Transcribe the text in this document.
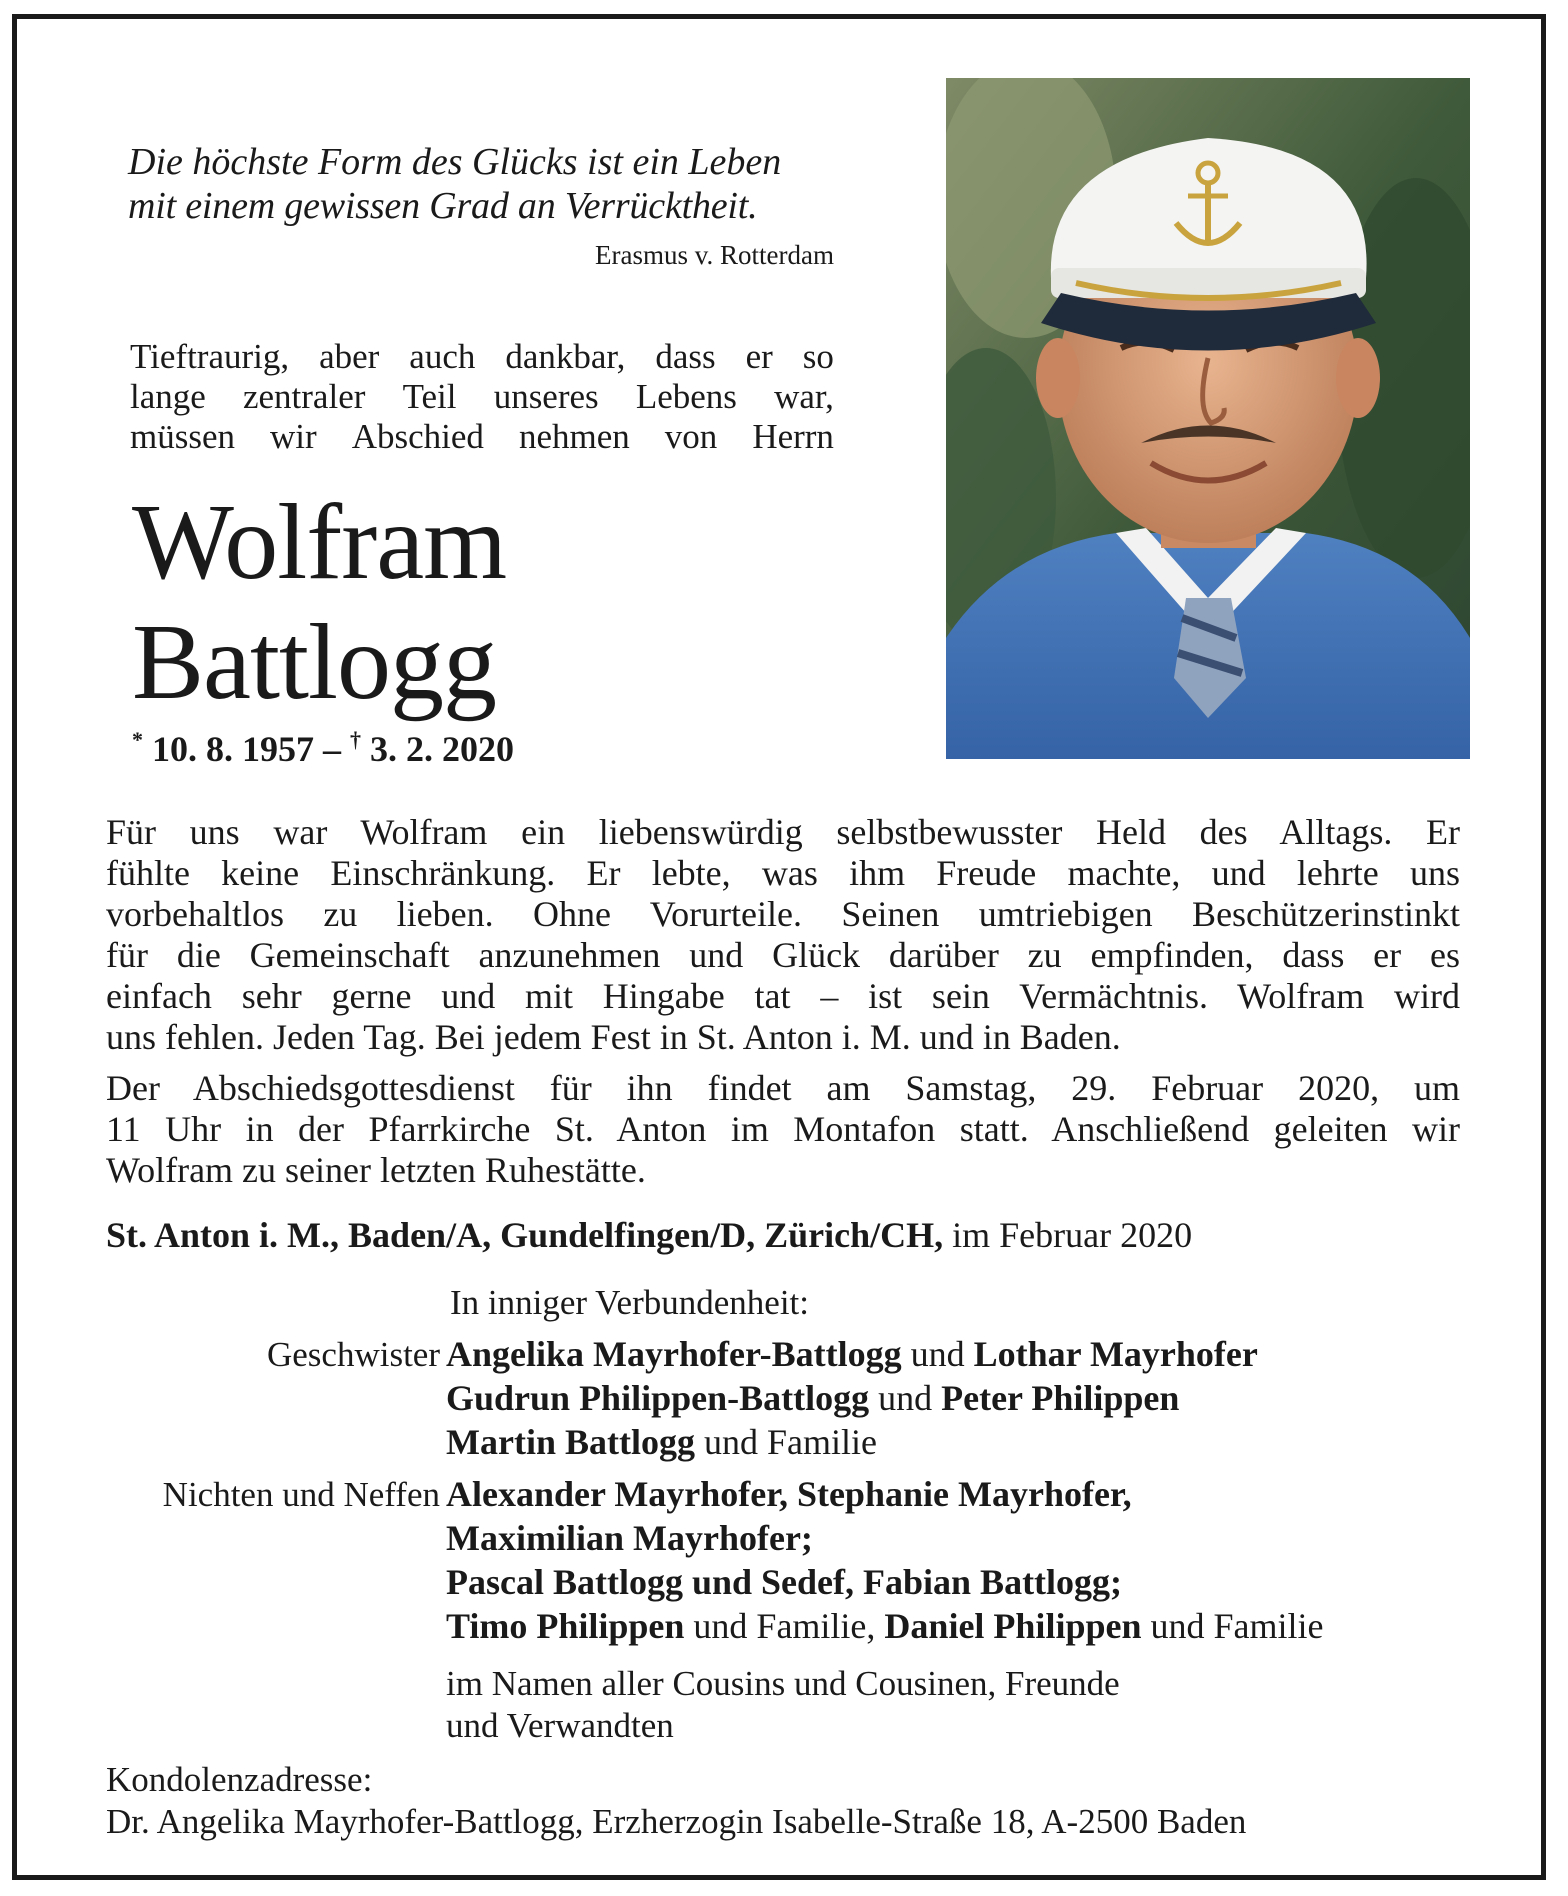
Die höchste Form des Glücks ist ein Leben
mit einem gewissen Grad an Verrücktheit.
Erasmus v. Rotterdam
Tieftraurig, aber auch dankbar, dass er so
lange zentraler Teil unseres Lebens war,
müssen wir Abschied nehmen von Herrn
Wolfram
Battlogg
* 10. 8. 1957 – † 3. 2. 2020
Für uns war Wolfram ein liebenswürdig selbstbewusster Held des Alltags. Er
fühlte keine Einschränkung. Er lebte, was ihm Freude machte, und lehrte uns
vorbehaltlos zu lieben. Ohne Vorurteile. Seinen umtriebigen Beschützerinstinkt
für die Gemeinschaft anzunehmen und Glück darüber zu empfinden, dass er es
einfach sehr gerne und mit Hingabe tat – ist sein Vermächtnis. Wolfram wird
uns fehlen. Jeden Tag. Bei jedem Fest in St. Anton i. M. und in Baden.
Der Abschiedsgottesdienst für ihn findet am Samstag, 29. Februar 2020, um
11 Uhr in der Pfarrkirche St. Anton im Montafon statt. Anschließend geleiten wir
Wolfram zu seiner letzten Ruhestätte.
St. Anton i. M., Baden/A, Gundelfingen/D, Zürich/CH, im Februar 2020
In inniger Verbundenheit:
Geschwister Angelika Mayrhofer-Battlogg und Lothar Mayrhofer
Gudrun Philippen-Battlogg und Peter Philippen
Martin Battlogg und Familie
Nichten und Neffen Alexander Mayrhofer, Stephanie Mayrhofer,
Maximilian Mayrhofer;
Pascal Battlogg und Sedef, Fabian Battlogg;
Timo Philippen und Familie, Daniel Philippen und Familie
im Namen aller Cousins und Cousinen, Freunde
und Verwandten
Kondolenzadresse:
Dr. Angelika Mayrhofer-Battlogg, Erzherzogin Isabelle-Straße 18, A-2500 Baden
